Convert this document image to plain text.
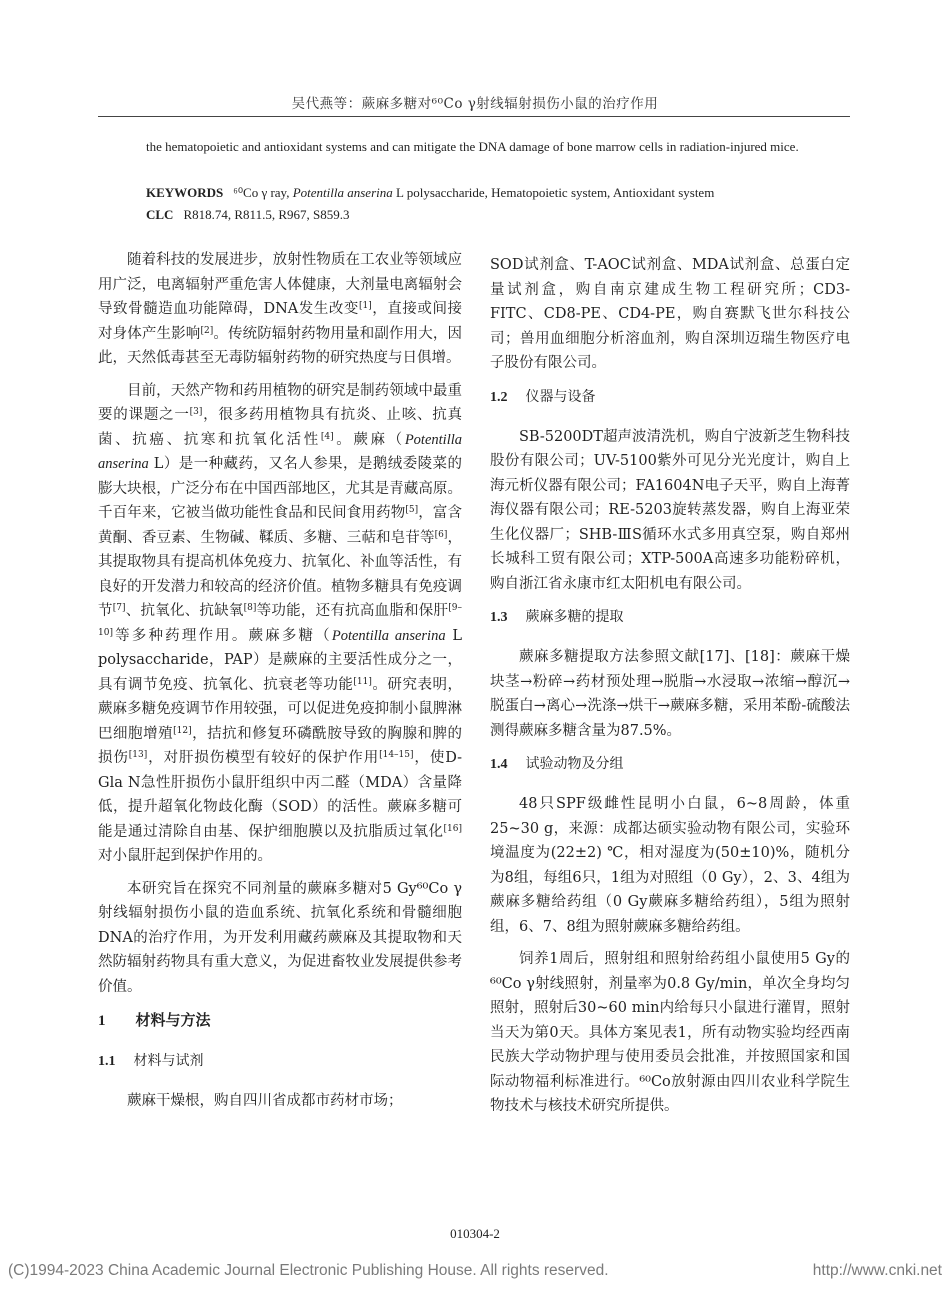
吴代燕等：蕨麻多糖对⁶⁰Co γ射线辐射损伤小鼠的治疗作用
the hematopoietic and antioxidant systems and can mitigate the DNA damage of bone marrow cells in radiation-injured mice.
KEYWORDS ⁶⁰Co γ ray, Potentilla anserina L polysaccharide, Hematopoietic system, Antioxidant system
CLC R818.74, R811.5, R967, S859.3

随着科技的发展进步，放射性物质在工农业等领域应用广泛，电离辐射严重危害人体健康，大剂量电离辐射会导致骨髓造血功能障碍，DNA发生改变[1]，直接或间接对身体产生影响[2]。传统防辐射药物用量和副作用大，因此，天然低毒甚至无毒防辐射药物的研究热度与日俱增。

目前，天然产物和药用植物的研究是制药领域中最重要的课题之一[3]，很多药用植物具有抗炎、止咳、抗真菌、抗癌、抗寒和抗氧化活性[4]。蕨麻（Potentilla anserina L）是一种藏药，又名人参果，是鹅绒委陵菜的膨大块根，广泛分布在中国西部地区，尤其是青藏高原。千百年来，它被当做功能性食品和民间食用药物[5]，富含黄酮、香豆素、生物碱、鞣质、多糖、三萜和皂苷等[6]，其提取物具有提高机体免疫力、抗氧化、补血等活性，有良好的开发潜力和较高的经济价值。植物多糖具有免疫调节[7]、抗氧化、抗缺氧[8]等功能，还有抗高血脂和保肝[9–10]等多种药理作用。蕨麻多糖（Potentilla anserina L polysaccharide，PAP）是蕨麻的主要活性成分之一，具有调节免疫、抗氧化、抗衰老等功能[11]。研究表明，蕨麻多糖免疫调节作用较强，可以促进免疫抑制小鼠脾淋巴细胞增殖[12]，拮抗和修复环磷酰胺导致的胸腺和脾的损伤[13]，对肝损伤模型有较好的保护作用[14–15]，使D-Gla N急性肝损伤小鼠肝组织中丙二醛（MDA）含量降低，提升超氧化物歧化酶（SOD）的活性。蕨麻多糖可能是通过清除自由基、保护细胞膜以及抗脂质过氧化[16]对小鼠肝起到保护作用的。

本研究旨在探究不同剂量的蕨麻多糖对5 Gy⁶⁰Co γ射线辐射损伤小鼠的造血系统、抗氧化系统和骨髓细胞DNA的治疗作用，为开发利用藏药蕨麻及其提取物和天然防辐射药物具有重大意义，为促进畜牧业发展提供参考价值。

1 材料与方法
1.1 材料与试剂

蕨麻干燥根，购自四川省成都市药材市场；

SOD试剂盒、T-AOC试剂盒、MDA试剂盒、总蛋白定量试剂盒，购自南京建成生物工程研究所；CD3-FITC、CD8-PE、CD4-PE，购自赛默飞世尔科技公司；兽用血细胞分析溶血剂，购自深圳迈瑞生物医疗电子股份有限公司。

1.2 仪器与设备

SB-5200DT超声波清洗机，购自宁波新芝生物科技股份有限公司；UV-5100紫外可见分光光度计，购自上海元析仪器有限公司；FA1604N电子天平，购自上海菁海仪器有限公司；RE-5203旋转蒸发器，购自上海亚荣生化仪器厂；SHB-ⅢS循环水式多用真空泵，购自郑州长城科工贸有限公司；XTP-500A高速多功能粉碎机，购自浙江省永康市红太阳机电有限公司。

1.3 蕨麻多糖的提取

蕨麻多糖提取方法参照文献[17]、[18]：蕨麻干燥块茎→粉碎→药材预处理→脱脂→水浸取→浓缩→醇沉→脱蛋白→离心→洗涤→烘干→蕨麻多糖，采用苯酚-硫酸法测得蕨麻多糖含量为87.5%。

1.4 试验动物及分组

48只SPF级雌性昆明小白鼠，6~8周龄，体重25~30 g，来源：成都达硕实验动物有限公司，实验环境温度为(22±2) ℃，相对湿度为(50±10)%，随机分为8组，每组6只，1组为对照组（0 Gy），2、3、4组为蕨麻多糖给药组（0 Gy蕨麻多糖给药组），5组为照射组，6、7、8组为照射蕨麻多糖给药组。

饲养1周后，照射组和照射给药组小鼠使用5 Gy的⁶⁰Co γ射线照射，剂量率为0.8 Gy/min，单次全身均匀照射，照射后30~60 min内给每只小鼠进行灌胃，照射当天为第0天。具体方案见表1，所有动物实验均经西南民族大学动物护理与使用委员会批准，并按照国家和国际动物福利标准进行。⁶⁰Co放射源由四川农业科学院生物技术与核技术研究所提供。

010304-2
(C)1994-2023 China Academic Journal Electronic Publishing House. All rights reserved.	http://www.cnki.net
